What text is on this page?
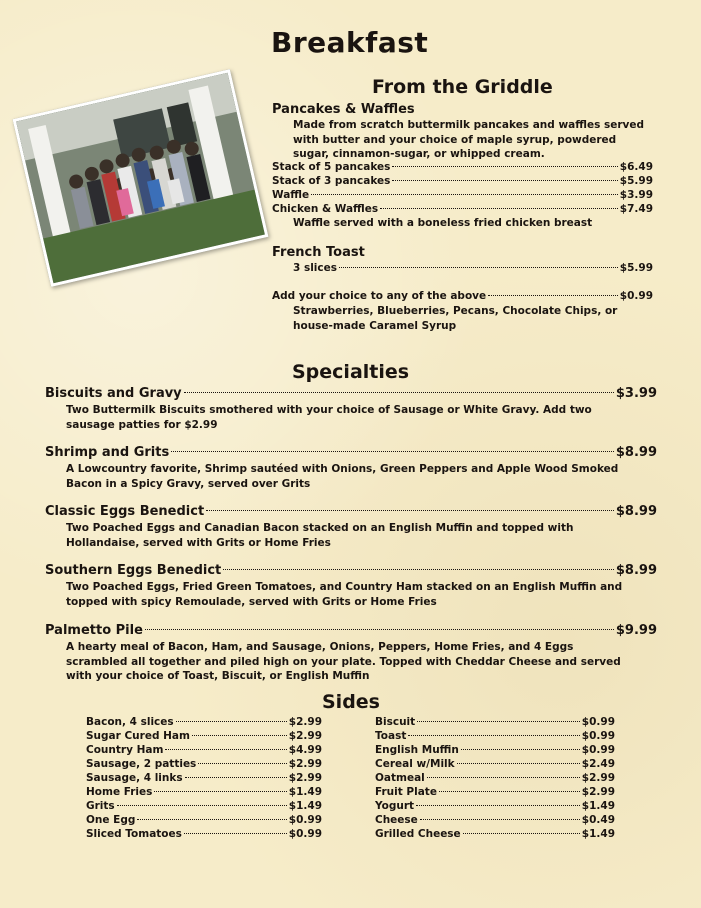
Breakfast
From the Griddle
Pancakes & Waffles
Made from scratch buttermilk pancakes and waffles served
with butter and your choice of maple syrup, powdered
sugar, cinnamon-sugar, or whipped cream.
Stack of 5 pancakes	$6.49
Stack of 3 pancakes	$5.99
Waffle	$3.99
Chicken & Waffles	$7.49
Waffle served with a boneless fried chicken breast
French Toast
3 slices	$5.99
Add your choice to any of the above	$0.99
Strawberries, Blueberries, Pecans, Chocolate Chips, or
house-made Caramel Syrup
Specialties
Biscuits and Gravy	$3.99
Two Buttermilk Biscuits smothered with your choice of Sausage or White Gravy. Add two
sausage patties for $2.99
Shrimp and Grits	$8.99
A Lowcountry favorite, Shrimp sautéed with Onions, Green Peppers and Apple Wood Smoked
Bacon in a Spicy Gravy, served over Grits
Classic Eggs Benedict	$8.99
Two Poached Eggs and Canadian Bacon stacked on an English Muffin and topped with
Hollandaise, served with Grits or Home Fries
Southern Eggs Benedict	$8.99
Two Poached Eggs, Fried Green Tomatoes, and Country Ham stacked on an English Muffin and
topped with spicy Remoulade, served with Grits or Home Fries
Palmetto Pile	$9.99
A hearty meal of Bacon, Ham, and Sausage, Onions, Peppers, Home Fries, and 4 Eggs
scrambled all together and piled high on your plate. Topped with Cheddar Cheese and served
with your choice of Toast, Biscuit, or English Muffin
Sides
Bacon, 4 slices	$2.99
Sugar Cured Ham	$2.99
Country Ham	$4.99
Sausage, 2 patties	$2.99
Sausage, 4 links	$2.99
Home Fries	$1.49
Grits	$1.49
One Egg	$0.99
Sliced Tomatoes	$0.99
Biscuit	$0.99
Toast	$0.99
English Muffin	$0.99
Cereal w/Milk	$2.49
Oatmeal	$2.99
Fruit Plate	$2.99
Yogurt	$1.49
Cheese	$0.49
Grilled Cheese	$1.49
